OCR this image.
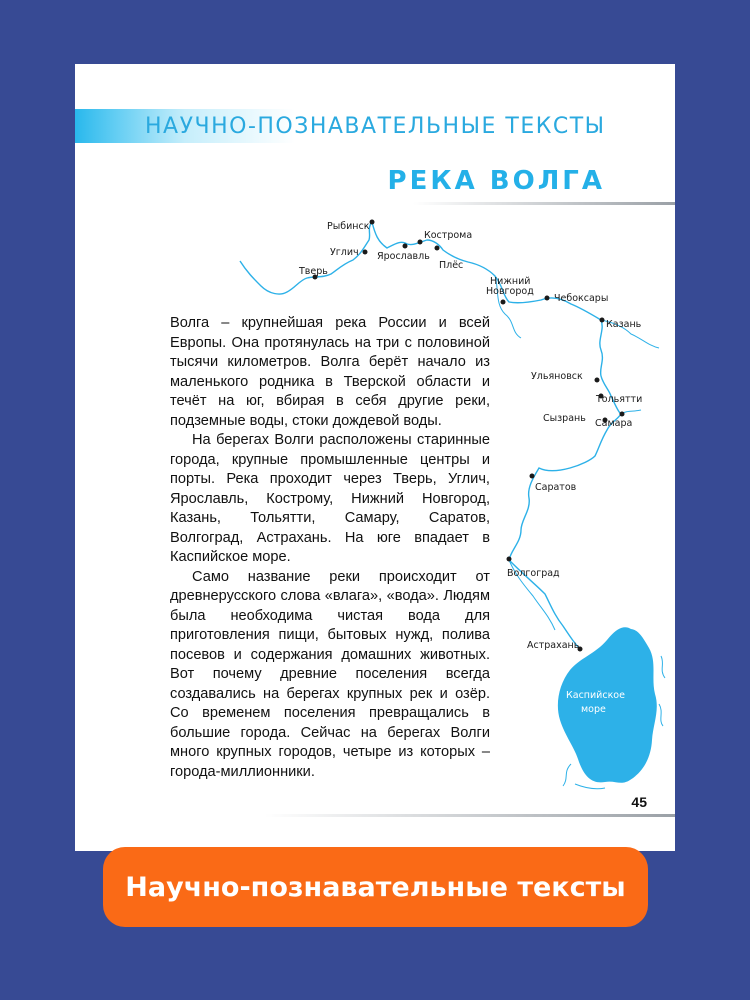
НАУЧНО-ПОЗНАВАТЕЛЬНЫЕ ТЕКСТЫ
РЕКА ВОЛГА
Рыбинск
Кострома
Углич Ярославль
Плёс
Тверь
Нижний
Новгород
Чебоксары
Казань
Ульяновск
Тольятти
Сызрань Самара
Саратов
Волгоград
Астрахань
Каспийское
море

Волга – крупнейшая река России и всей Европы. Она протянулась на три с половиной тысячи километров. Волга берёт начало из маленького родника в Тверской области и течёт на юг, вбирая в себя другие реки, подземные воды, стоки дождевой воды.

На берегах Волги расположены старинные города, крупные промышленные центры и порты. Река проходит через Тверь, Углич, Ярославль, Кострому, Нижний Новгород, Казань, Тольятти, Самару, Саратов, Волгоград, Астрахань. На юге впадает в Каспийское море.

Само название реки происходит от древнерусского слова «влага», «вода». Людям была необходима чистая вода для приготовления пищи, бытовых нужд, полива посевов и содержания домашних животных. Вот почему древние поселения всегда создавались на берегах крупных рек и озёр. Со временем поселения превращались в большие города. Сейчас на берегах Волги много крупных городов, четыре из которых – города-миллионники.

45
Научно-познавательные тексты
